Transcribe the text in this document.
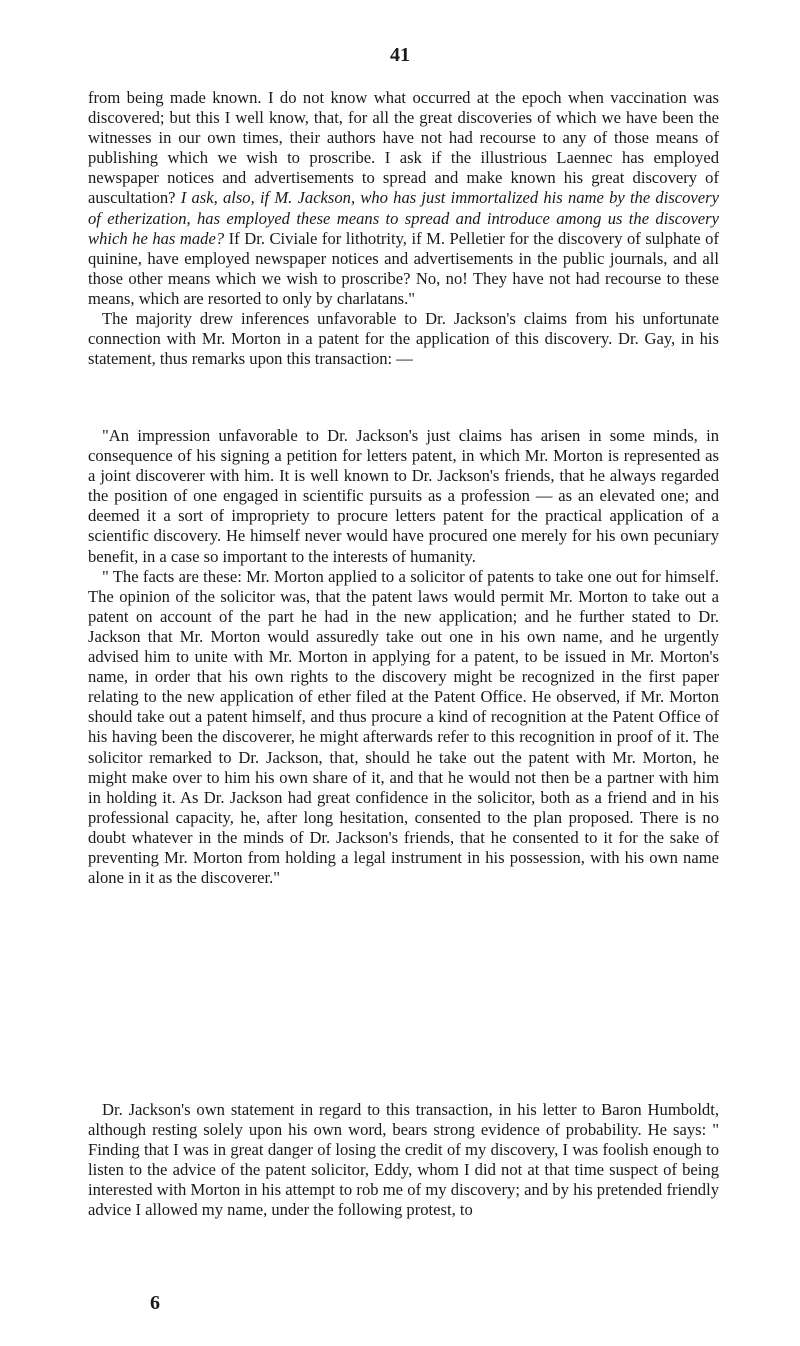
41

from being made known. I do not know what occurred at the epoch when vaccination was discovered; but this I well know, that, for all the great discoveries of which we have been the witnesses in our own times, their authors have not had recourse to any of those means of publishing which we wish to proscribe. I ask if the illustrious Laennec has employed newspaper notices and advertisements to spread and make known his great discovery of auscultation? I ask, also, if M. Jackson, who has just immortalized his name by the discovery of etherization, has employed these means to spread and introduce among us the discovery which he has made? If Dr. Civiale for lithotrity, if M. Pelletier for the discovery of sulphate of quinine, have employed newspaper notices and advertisements in the public journals, and all those other means which we wish to proscribe? No, no! They have not had recourse to these means, which are resorted to only by charlatans."

The majority drew inferences unfavorable to Dr. Jackson's claims from his unfortunate connection with Mr. Morton in a patent for the application of this discovery. Dr. Gay, in his statement, thus remarks upon this transaction: —

"An impression unfavorable to Dr. Jackson's just claims has arisen in some minds, in consequence of his signing a petition for letters patent, in which Mr. Morton is represented as a joint discoverer with him. It is well known to Dr. Jackson's friends, that he always regarded the position of one engaged in scientific pursuits as a profession — as an elevated one; and deemed it a sort of impropriety to procure letters patent for the practical application of a scientific discovery. He himself never would have procured one merely for his own pecuniary benefit, in a case so important to the interests of humanity.

" The facts are these: Mr. Morton applied to a solicitor of patents to take one out for himself. The opinion of the solicitor was, that the patent laws would permit Mr. Morton to take out a patent on account of the part he had in the new application; and he further stated to Dr. Jackson that Mr. Morton would assuredly take out one in his own name, and he urgently advised him to unite with Mr. Morton in applying for a patent, to be issued in Mr. Morton's name, in order that his own rights to the discovery might be recognized in the first paper relating to the new application of ether filed at the Patent Office. He observed, if Mr. Morton should take out a patent himself, and thus procure a kind of recognition at the Patent Office of his having been the discoverer, he might afterwards refer to this recognition in proof of it. The solicitor remarked to Dr. Jackson, that, should he take out the patent with Mr. Morton, he might make over to him his own share of it, and that he would not then be a partner with him in holding it. As Dr. Jackson had great confidence in the solicitor, both as a friend and in his professional capacity, he, after long hesitation, consented to the plan proposed. There is no doubt whatever in the minds of Dr. Jackson's friends, that he consented to it for the sake of preventing Mr. Morton from holding a legal instrument in his possession, with his own name alone in it as the discoverer."

Dr. Jackson's own statement in regard to this transaction, in his letter to Baron Humboldt, although resting solely upon his own word, bears strong evidence of probability. He says: " Finding that I was in great danger of losing the credit of my discovery, I was foolish enough to listen to the advice of the patent solicitor, Eddy, whom I did not at that time suspect of being interested with Morton in his attempt to rob me of my discovery; and by his pretended friendly advice I allowed my name, under the following protest, to

6
